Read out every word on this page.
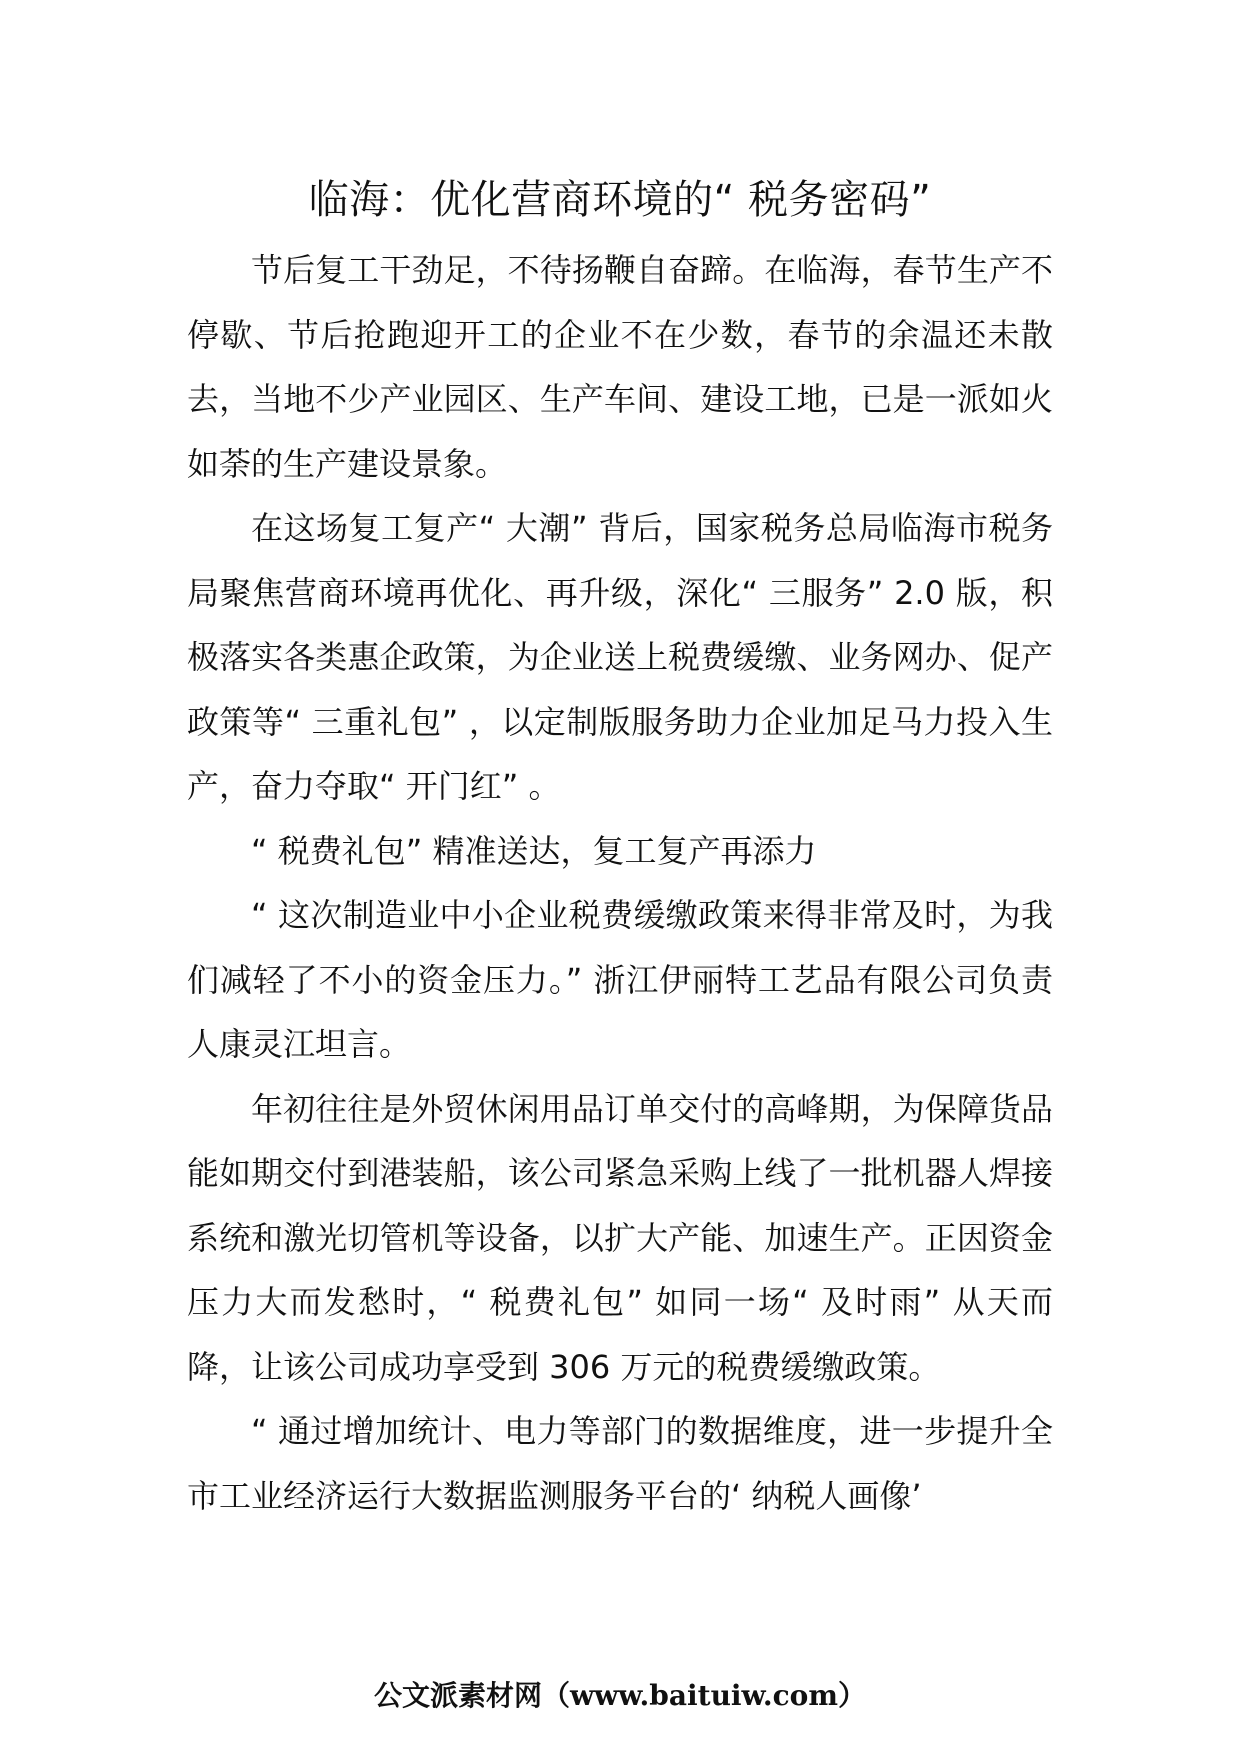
临海：优化营商环境的“ 税务密码”

节后复工干劲足，不待扬鞭自奋蹄。在临海，春节生产不停歇、节后抢跑迎开工的企业不在少数，春节的余温还未散去，当地不少产业园区、生产车间、建设工地，已是一派如火如荼的生产建设景象。

在这场复工复产“ 大潮” 背后，国家税务总局临海市税务局聚焦营商环境再优化、再升级，深化“ 三服务” 2.0 版，积极落实各类惠企政策，为企业送上税费缓缴、业务网办、促产政策等“ 三重礼包” ，以定制版服务助力企业加足马力投入生产，奋力夺取“ 开门红” 。

“ 税费礼包” 精准送达，复工复产再添力

“ 这次制造业中小企业税费缓缴政策来得非常及时，为我们减轻了不小的资金压力。” 浙江伊丽特工艺品有限公司负责人康灵江坦言。

年初往往是外贸休闲用品订单交付的高峰期，为保障货品能如期交付到港装船，该公司紧急采购上线了一批机器人焊接系统和激光切管机等设备，以扩大产能、加速生产。正因资金压力大而发愁时，“ 税费礼包” 如同一场“ 及时雨” 从天而降，让该公司成功享受到 306 万元的税费缓缴政策。

“ 通过增加统计、电力等部门的数据维度，进一步提升全市工业经济运行大数据监测服务平台的‘ 纳税人画像’

公文派素材网（www.baituiw.com）
